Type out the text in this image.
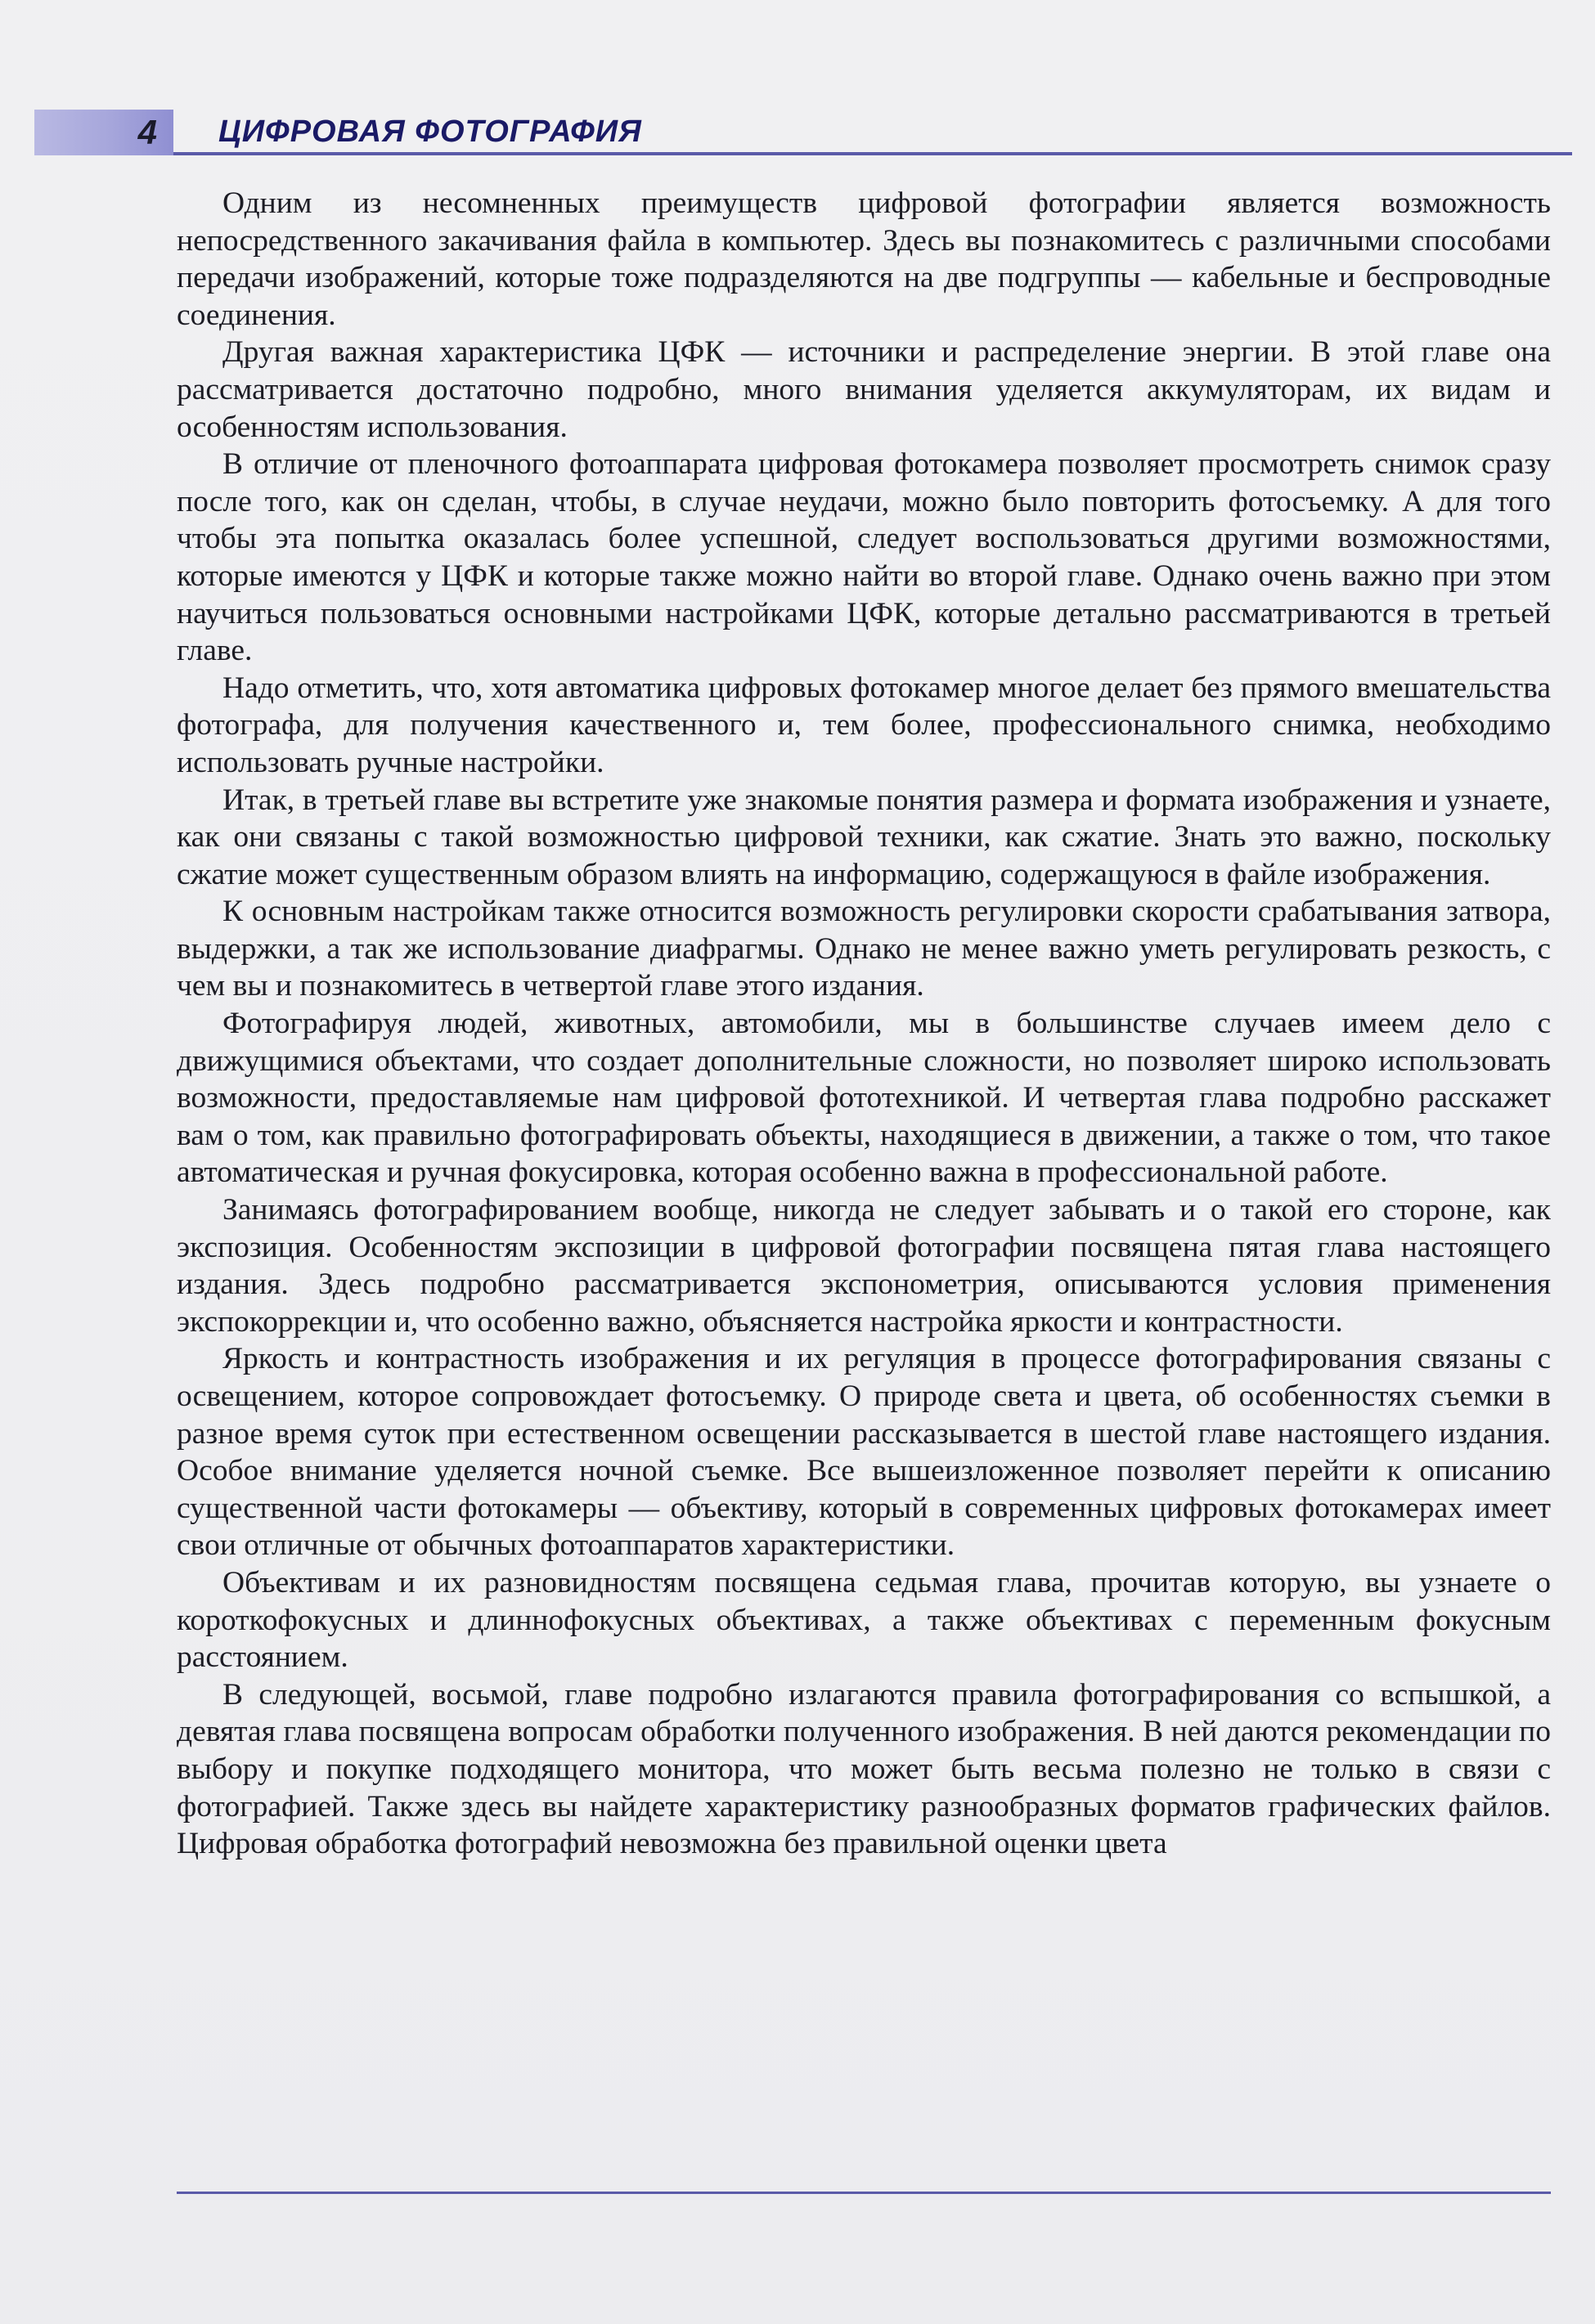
4 ЦИФРОВАЯ ФОТОГРАФИЯ

Одним из несомненных преимуществ цифровой фотографии является возможность непосредственного закачивания файла в компьютер. Здесь вы познакомитесь с различными способами передачи изображений, которые тоже подразделяются на две подгруппы — кабельные и беспроводные соединения.

Другая важная характеристика ЦФК — источники и распределение энергии. В этой главе она рассматривается достаточно подробно, много внимания уделяется аккумуляторам, их видам и особенностям использования.

В отличие от пленочного фотоаппарата цифровая фотокамера позволяет просмотреть снимок сразу после того, как он сделан, чтобы, в случае неудачи, можно было повторить фотосъемку. А для того чтобы эта попытка оказалась более успешной, следует воспользоваться другими возможностями, которые имеются у ЦФК и которые также можно найти во второй главе. Однако очень важно при этом научиться пользоваться основными настройками ЦФК, которые детально рассматриваются в третьей главе.

Надо отметить, что, хотя автоматика цифровых фотокамер многое делает без прямого вмешательства фотографа, для получения качественного и, тем более, профессионального снимка, необходимо использовать ручные настройки.

Итак, в третьей главе вы встретите уже знакомые понятия размера и формата изображения и узнаете, как они связаны с такой возможностью цифровой техники, как сжатие. Знать это важно, поскольку сжатие может существенным образом влиять на информацию, содержащуюся в файле изображения.

К основным настройкам также относится возможность регулировки скорости срабатывания затвора, выдержки, а так же использование диафрагмы. Однако не менее важно уметь регулировать резкость, с чем вы и познакомитесь в четвертой главе этого издания.

Фотографируя людей, животных, автомобили, мы в большинстве случаев имеем дело с движущимися объектами, что создает дополнительные сложности, но позволяет широко использовать возможности, предоставляемые нам цифровой фототехникой. И четвертая глава подробно расскажет вам о том, как правильно фотографировать объекты, находящиеся в движении, а также о том, что такое автоматическая и ручная фокусировка, которая особенно важна в профессиональной работе.

Занимаясь фотографированием вообще, никогда не следует забывать и о такой его стороне, как экспозиция. Особенностям экспозиции в цифровой фотографии посвящена пятая глава настоящего издания. Здесь подробно рассматривается экспонометрия, описываются условия применения экспокоррекции и, что особенно важно, объясняется настройка яркости и контрастности.

Яркость и контрастность изображения и их регуляция в процессе фотографирования связаны с освещением, которое сопровождает фотосъемку. О природе света и цвета, об особенностях съемки в разное время суток при естественном освещении рассказывается в шестой главе настоящего издания. Особое внимание уделяется ночной съемке. Все вышеизложенное позволяет перейти к описанию существенной части фотокамеры — объективу, который в современных цифровых фотокамерах имеет свои отличные от обычных фотоаппаратов характеристики.

Объективам и их разновидностям посвящена седьмая глава, прочитав которую, вы узнаете о короткофокусных и длиннофокусных объективах, а также объективах с переменным фокусным расстоянием.

В следующей, восьмой, главе подробно излагаются правила фотографирования со вспышкой, а девятая глава посвящена вопросам обработки полученного изображения. В ней даются рекомендации по выбору и покупке подходящего монитора, что может быть весьма полезно не только в связи с фотографией. Также здесь вы найдете характеристику разнообразных форматов графических файлов. Цифровая обработка фотографий невозможна без правильной оценки цвета
